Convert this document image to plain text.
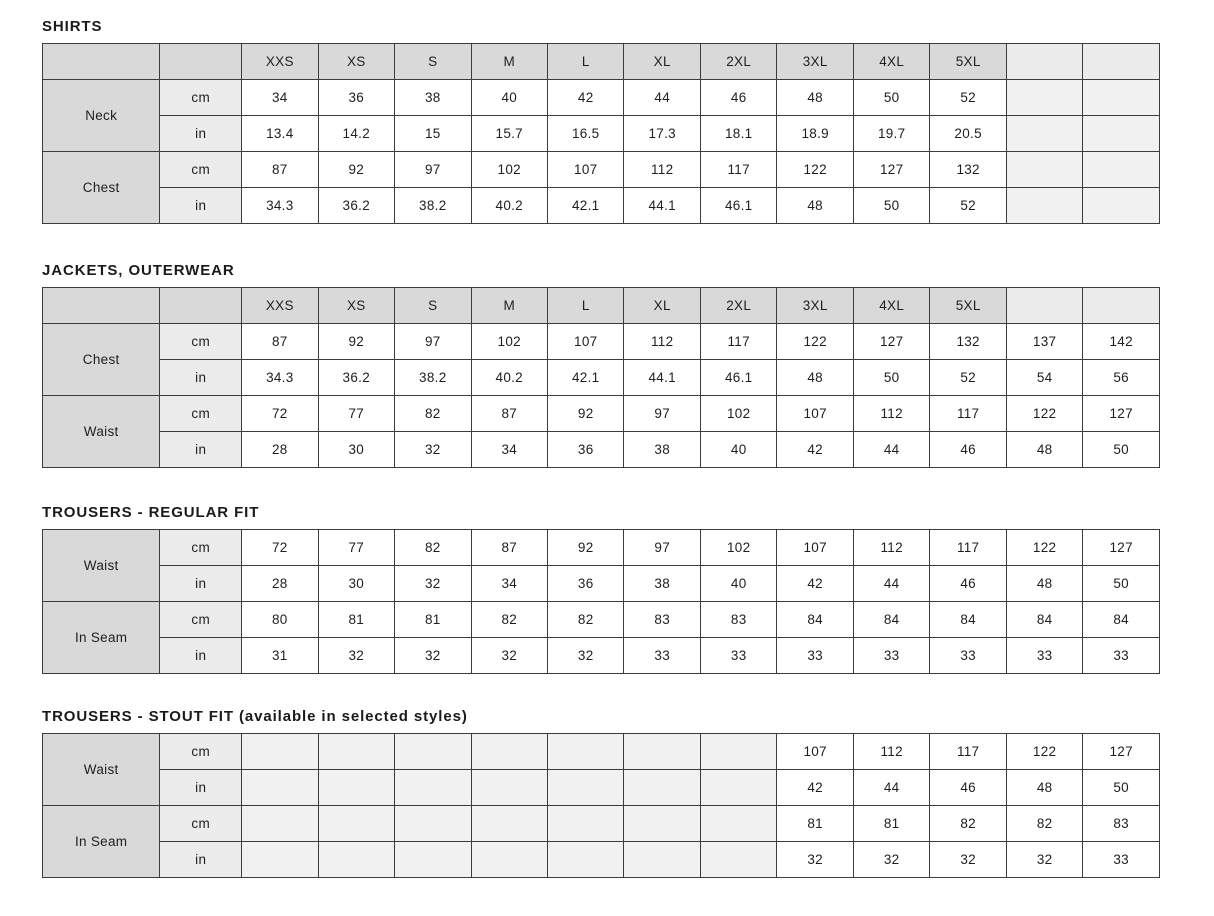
SHIRTS
		XXS	XS	S	M	L	XL	2XL	3XL	4XL	5XL		
Neck	cm	34	36	38	40	42	44	46	48	50	52		
	in	13.4	14.2	15	15.7	16.5	17.3	18.1	18.9	19.7	20.5		
Chest	cm	87	92	97	102	107	112	117	122	127	132		
	in	34.3	36.2	38.2	40.2	42.1	44.1	46.1	48	50	52		
JACKETS, OUTERWEAR
		XXS	XS	S	M	L	XL	2XL	3XL	4XL	5XL		
Chest	cm	87	92	97	102	107	112	117	122	127	132	137	142
	in	34.3	36.2	38.2	40.2	42.1	44.1	46.1	48	50	52	54	56
Waist	cm	72	77	82	87	92	97	102	107	112	117	122	127
	in	28	30	32	34	36	38	40	42	44	46	48	50
TROUSERS - REGULAR FIT
Waist	cm	72	77	82	87	92	97	102	107	112	117	122	127
	in	28	30	32	34	36	38	40	42	44	46	48	50
In Seam	cm	80	81	81	82	82	83	83	84	84	84	84	84
	in	31	32	32	32	32	33	33	33	33	33	33	33
TROUSERS - STOUT FIT (available in selected styles)
Waist	cm								107	112	117	122	127
	in								42	44	46	48	50
In Seam	cm								81	81	82	82	83
	in								32	32	32	32	33
